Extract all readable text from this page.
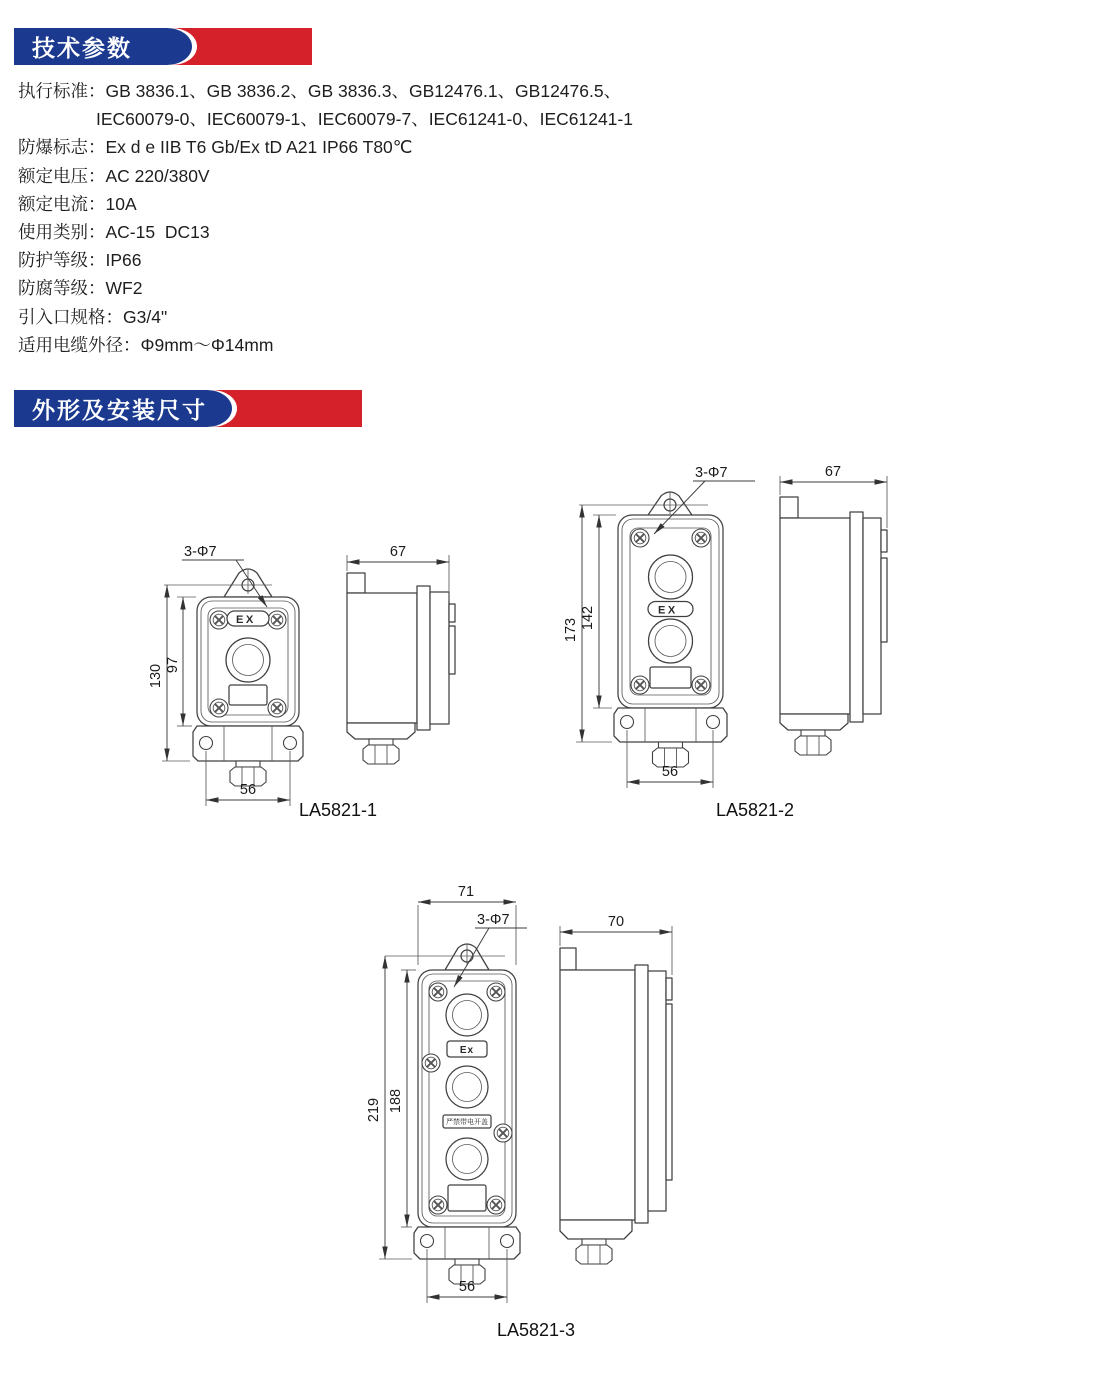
技术参数
执行标准：GB 3836.1、GB 3836.2、GB 3836.3、GB12476.1、GB12476.5、
IEC60079-0、IEC60079-1、IEC60079-7、IEC61241-0、IEC61241-1
防爆标志：Ex d e IIB T6 Gb/Ex tD A21 IP66 T80℃
额定电压：AC 220/380V
额定电流：10A
使用类别：AC-15  DC13
防护等级：IP66
防腐等级：WF2
引入口规格：G3/4"
适用电缆外径：Φ9mm～Φ14mm
外形及安装尺寸
3-Φ7
EX
56
130 97
67
LA5821-1
3-Φ7
EX
56
173 142
67
LA5821-2
71
3-Φ7
Ex
严禁带电开盖
56
219 188
70
LA5821-3
